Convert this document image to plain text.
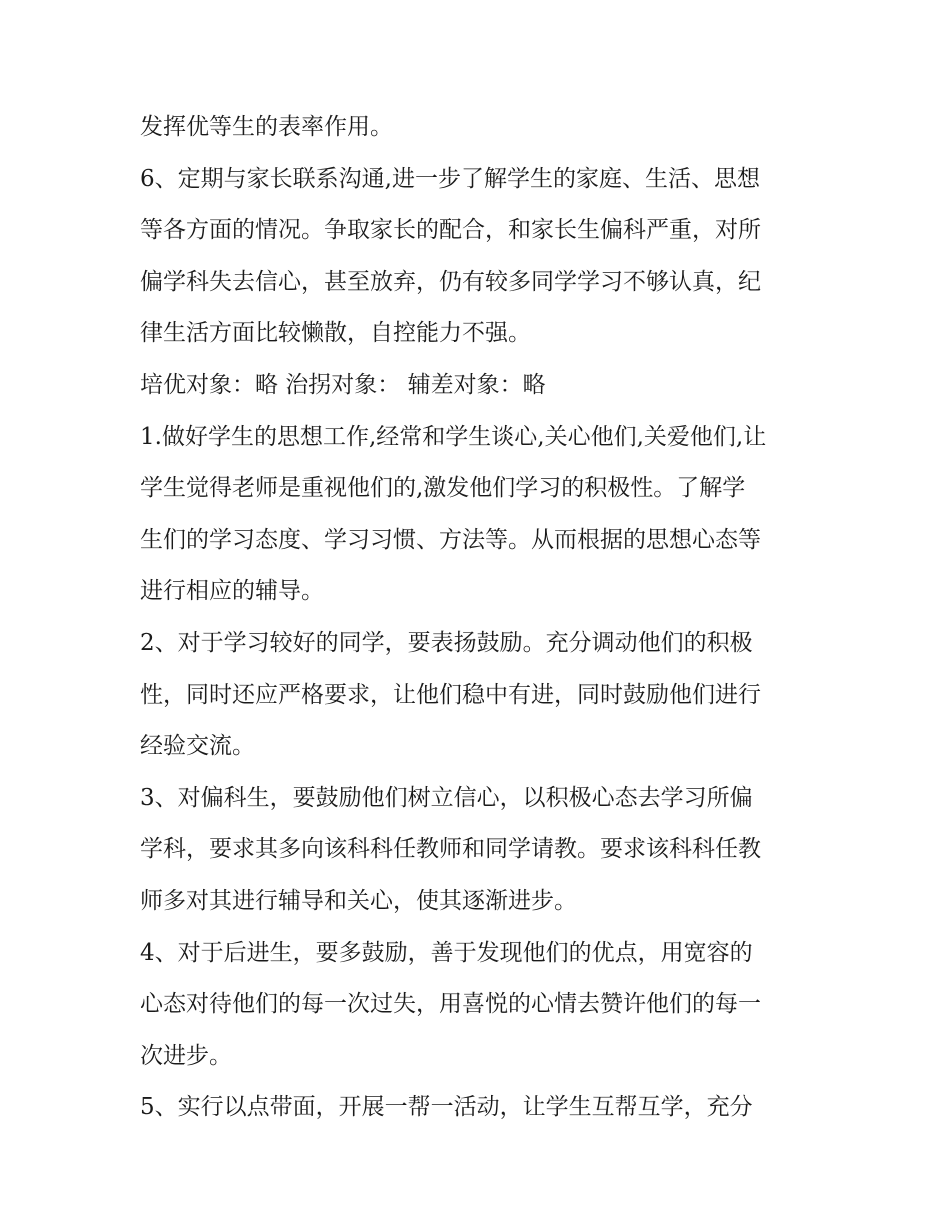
发挥优等生的表率作用。
6、定期与家长联系沟通,进一步了解学生的家庭、生活、思想
等各方面的情况。争取家长的配合，和家长生偏科严重，对所
偏学科失去信心，甚至放弃，仍有较多同学学习不够认真，纪
律生活方面比较懒散，自控能力不强。
培优对象：略 治拐对象： 辅差对象：略
1.做好学生的思想工作,经常和学生谈心,关心他们,关爱他们,让
学生觉得老师是重视他们的,激发他们学习的积极性。了解学
生们的学习态度、学习习惯、方法等。从而根据的思想心态等
进行相应的辅导。
2、对于学习较好的同学，要表扬鼓励。充分调动他们的积极
性，同时还应严格要求，让他们稳中有进，同时鼓励他们进行
经验交流。
3、对偏科生，要鼓励他们树立信心，以积极心态去学习所偏
学科，要求其多向该科科任教师和同学请教。要求该科科任教
师多对其进行辅导和关心，使其逐渐进步。
4、对于后进生，要多鼓励，善于发现他们的优点，用宽容的
心态对待他们的每一次过失，用喜悦的心情去赞许他们的每一
次进步。
5、实行以点带面，开展一帮一活动，让学生互帮互学，充分
